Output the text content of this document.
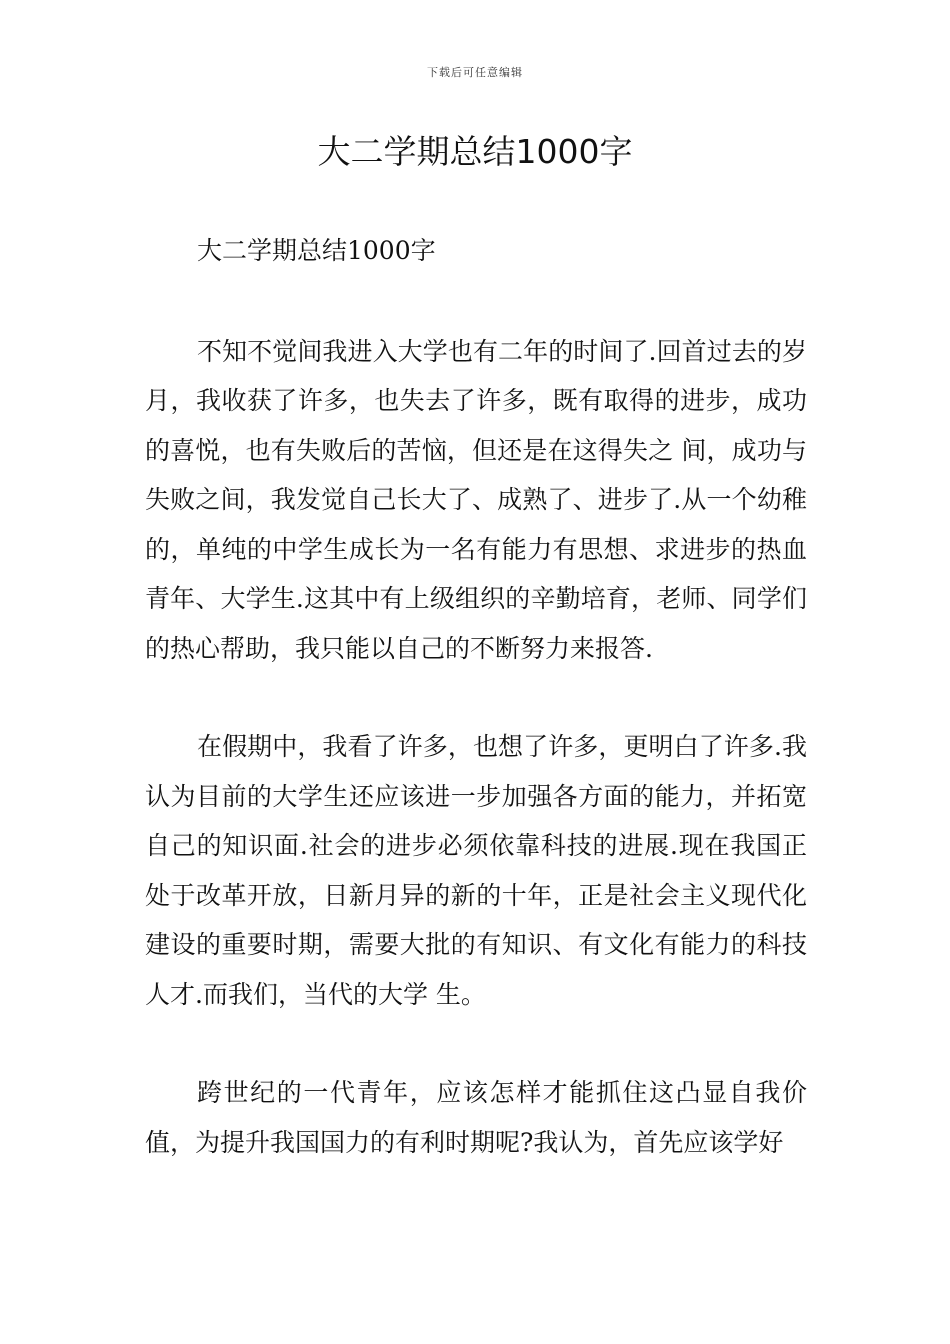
下载后可任意编辑
大二学期总结1000字

大二学期总结1000字

不知不觉间我进入大学也有二年的时间了.回首过去的岁月，我收获了许多，也失去了许多，既有取得的进步，成功的喜悦，也有失败后的苦恼，但还是在这得失之 间，成功与失败之间，我发觉自己长大了、成熟了、进步了.从一个幼稚的，单纯的中学生成长为一名有能力有思想、求进步的热血青年、大学生.这其中有上级组织的辛勤培育，老师、同学们的热心帮助，我只能以自己的不断努力来报答.

在假期中，我看了许多，也想了许多，更明白了许多.我认为目前的大学生还应该进一步加强各方面的能力，并拓宽自己的知识面.社会的进步必须依靠科技的进展.现在我国正处于改革开放，日新月异的新的十年，正是社会主义现代化建设的重要时期，需要大批的有知识、有文化有能力的科技人才.而我们，当代的大学 生。

跨世纪的一代青年，应该怎样才能抓住这凸显自我价值，为提升我国国力的有利时期呢?我认为，首先应该学好
